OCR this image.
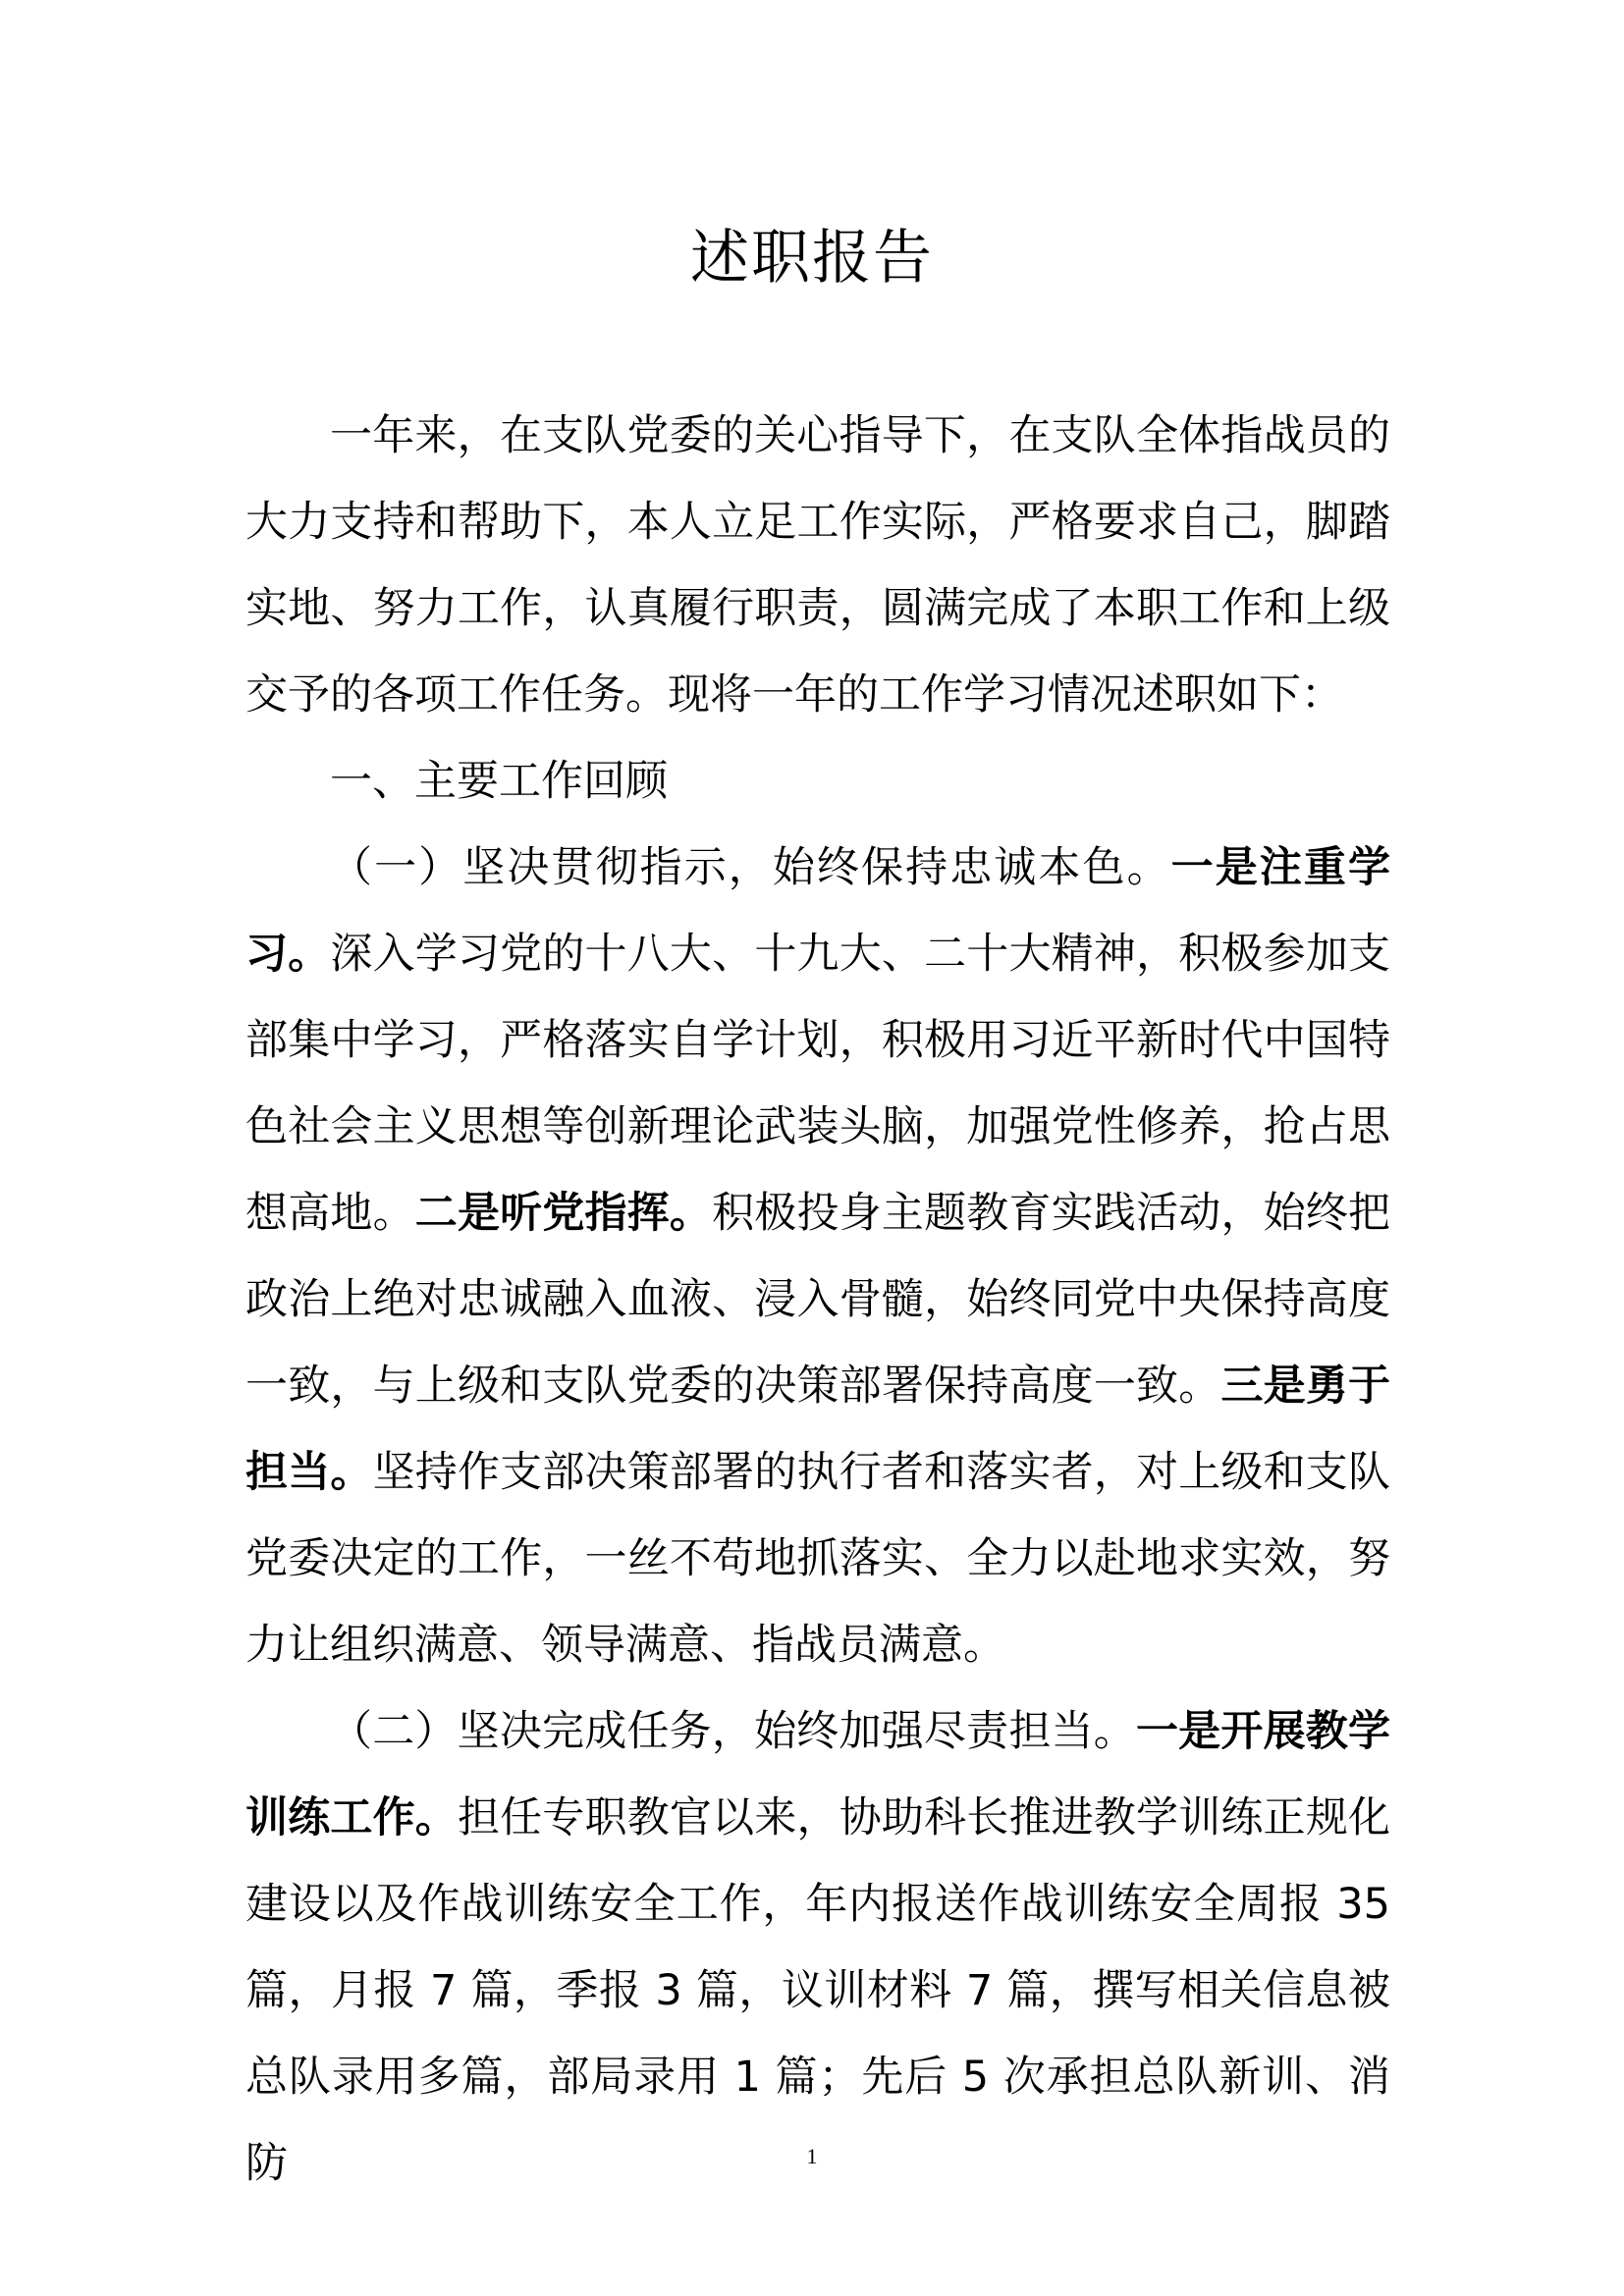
述职报告

一年来，在支队党委的关心指导下，在支队全体指战员的大力支持和帮助下，本人立足工作实际，严格要求自己，脚踏实地、努力工作，认真履行职责，圆满完成了本职工作和上级交予的各项工作任务。现将一年的工作学习情况述职如下：

一、主要工作回顾

（一）坚决贯彻指示，始终保持忠诚本色。一是注重学习。深入学习党的十八大、十九大、二十大精神，积极参加支部集中学习，严格落实自学计划，积极用习近平新时代中国特色社会主义思想等创新理论武装头脑，加强党性修养，抢占思想高地。二是听党指挥。积极投身主题教育实践活动，始终把政治上绝对忠诚融入血液、浸入骨髓，始终同党中央保持高度一致，与上级和支队党委的决策部署保持高度一致。三是勇于担当。坚持作支部决策部署的执行者和落实者，对上级和支队党委决定的工作，一丝不苟地抓落实、全力以赴地求实效，努力让组织满意、领导满意、指战员满意。

（二）坚决完成任务，始终加强尽责担当。一是开展教学训练工作。担任专职教官以来，协助科长推进教学训练正规化建设以及作战训练安全工作，年内报送作战训练安全周报 35 篇，月报 7 篇，季报 3 篇，议训材料 7 篇，撰写相关信息被总队录用多篇，部局录用 1 篇；先后 5 次承担总队新训、消防	1
